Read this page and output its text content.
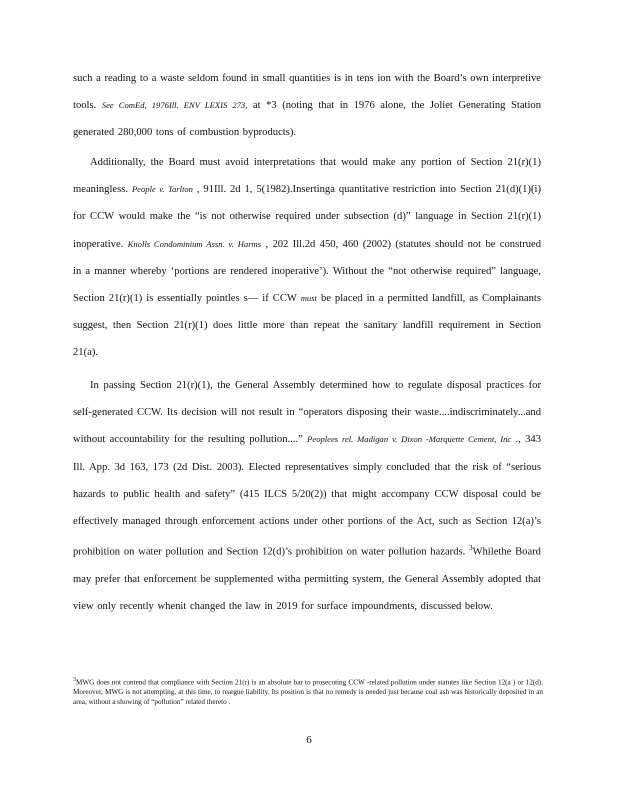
such a reading to a waste seldom found in small quantities is in tens ion with the Board’s own interpretive tools. See ComEd, 1976Ill. ENV LEXIS 273, at *3 (noting that in 1976 alone, the Joliet Generating Station generated 280,000 tons of combustion byproducts).

Additionally, the Board must avoid interpretations that would make any portion of Section 21(r)(1) meaningless. People v. Tarlton , 91Ill. 2d 1, 5(1982).Insertinga quantitative restriction into Section 21(d)(1)(i) for CCW would make the “is not otherwise required under subsection (d)” language in Section 21(r)(1) inoperative. Knolls Condominium Assn. v. Harms , 202 Ill.2d 450, 460 (2002) (statutes should not be construed in a manner whereby ‘portions are rendered inoperative’). Without the “not otherwise required” language, Section 21(r)(1) is essentially pointles s— if CCW must be placed in a permitted landfill, as Complainants suggest, then Section 21(r)(1) does little more than repeat the sanitary landfill requirement in Section 21(a).

In passing Section 21(r)(1), the General Assembly determined how to regulate disposal practices for self-generated CCW. Its decision will not result in “operators disposing their waste....indiscriminately...and without accountability for the resulting pollution....” Peoplees rel. Madigan v. Dixon -Marquette Cement, Inc ., 343 Ill. App. 3d 163, 173 (2d Dist. 2003). Elected representatives simply concluded that the risk of “serious hazards to public health and safety” (415 ILCS 5/20(2)) that might accompany CCW disposal could be effectively managed through enforcement actions under other portions of the Act, such as Section 12(a)’s prohibition on water pollution and Section 12(d)’s prohibition on water pollution hazards. $^3$Whilethe Board may prefer that enforcement be supplemented witha permitting system, the General Assembly adopted that view only recently whenit changed the law in 2019 for surface impoundments, discussed below.

$^3$MWG does not contend that compliance with Section 21(r) is an absolute bar to prosecuting CCW -related pollution under statutes like Section 12(a ) or 12(d). Moreover, MWG is not attempting, at this time, to reargue liability. Its position is that no remedy is needed just because coal ash was historically deposited in an area, without a showing of “pollution” related thereto .

6
